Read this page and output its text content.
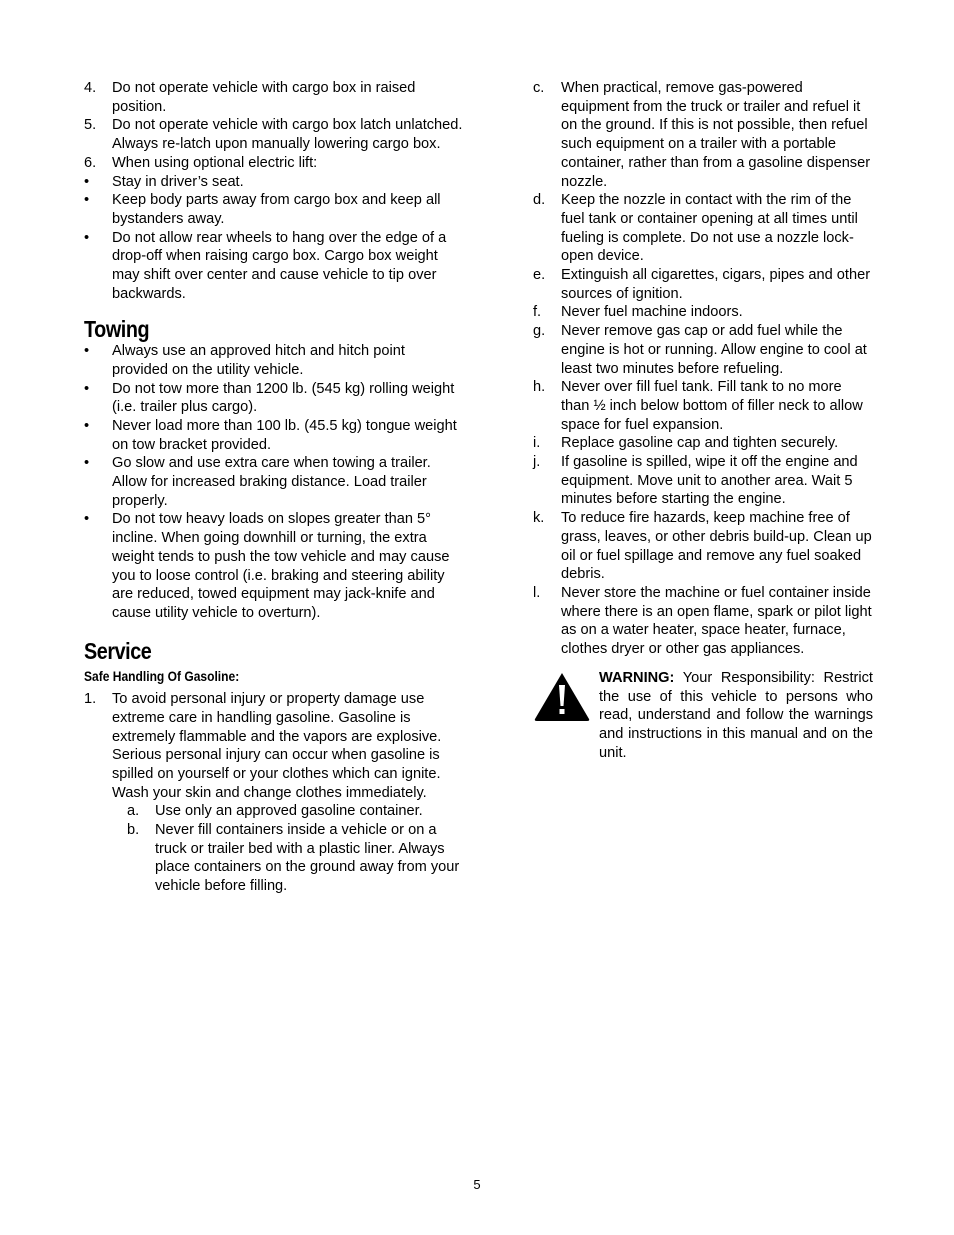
4.	Do not operate vehicle with cargo box in raised position.
5.	Do not operate vehicle with cargo box latch unlatched. Always re-latch upon manually lowering cargo box.
6.	When using optional electric lift:
•	Stay in driver’s seat.
•	Keep body parts away from cargo box and keep all bystanders away.
•	Do not allow rear wheels to hang over the edge of a drop-off when raising cargo box. Cargo box weight may shift over center and cause vehicle to tip over backwards.
Towing
•	Always use an approved hitch and hitch point provided on the utility vehicle.
•	Do not tow more than 1200 lb. (545 kg) rolling weight (i.e. trailer plus cargo).
•	Never load more than 100 lb. (45.5 kg) tongue weight on tow bracket provided.
•	Go slow and use extra care when towing a trailer. Allow for increased braking distance. Load trailer properly.
•	Do not tow heavy loads on slopes greater than 5° incline. When going downhill or turning, the extra weight tends to push the tow vehicle and may cause you to loose control (i.e. braking and steering ability are reduced, towed equipment may jack-knife and cause utility vehicle to overturn).
Service
Safe Handling Of Gasoline:
1.	To avoid personal injury or property damage use extreme care in handling gasoline. Gasoline is extremely flammable and the vapors are explosive. Serious personal injury can occur when gasoline is spilled on yourself or your clothes which can ignite. Wash your skin and change clothes immediately.
a.	Use only an approved gasoline container.
b.	Never fill containers inside a vehicle or on a truck or trailer bed with a plastic liner. Always place containers on the ground away from your vehicle before filling.
c.	When practical, remove gas-powered equipment from the truck or trailer and refuel it on the ground. If this is not possible, then refuel such equipment on a trailer with a portable container, rather than from a gasoline dispenser nozzle.
d.	Keep the nozzle in contact with the rim of the fuel tank or container opening at all times until fueling is complete. Do not use a nozzle lock-open device.
e.	Extinguish all cigarettes, cigars, pipes and other sources of ignition.
f.	Never fuel machine indoors.
g.	Never remove gas cap or add fuel while the engine is hot or running. Allow engine to cool at least two minutes before refueling.
h.	Never over fill fuel tank. Fill tank to no more than ½ inch below bottom of filler neck to allow space for fuel expansion.
i.	Replace gasoline cap and tighten securely.
j.	If gasoline is spilled, wipe it off the engine and equipment. Move unit to another area. Wait 5 minutes before starting the engine.
k.	To reduce fire hazards, keep machine free of grass, leaves, or other debris build-up. Clean up oil or fuel spillage and remove any fuel soaked debris.
l.	Never store the machine or fuel container inside where there is an open flame, spark or pilot light as on a water heater, space heater, furnace, clothes dryer or other gas appliances.
WARNING: Your Responsibility: Restrict the use of this vehicle to persons who read, understand and follow the warnings and instructions in this manual and on the unit.
5
